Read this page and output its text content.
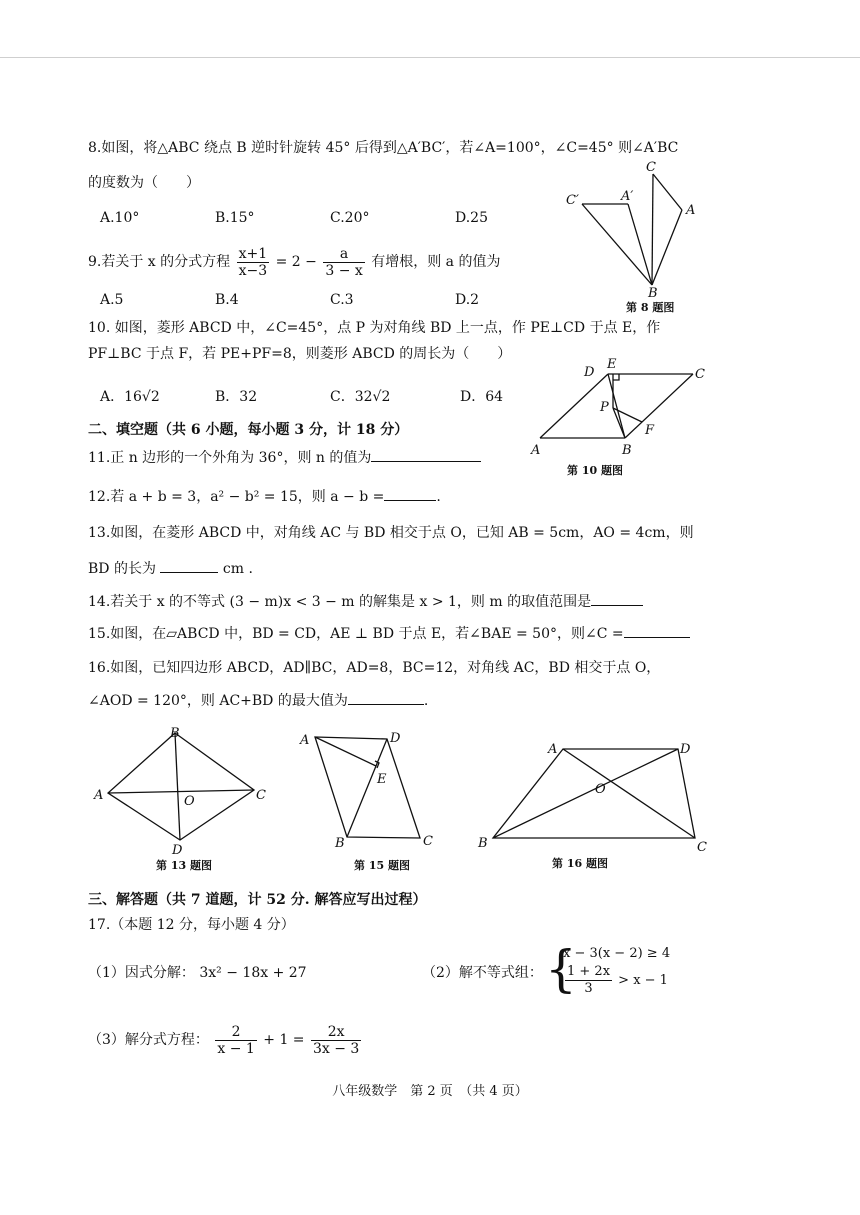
8.如图，将△ABC 绕点 B 逆时针旋转 45° 后得到△A′BC′，若∠A=100°，∠C=45° 则∠A′BC
的度数为（　　）
A.10°	B.15°	C.20°	D.25
C
C′	A′
A
B
第 8 题图
9.若关于 x 的分式方程 $\frac{x+1}{x-3} = 2 - \frac{a}{3 - x}$ 有增根，则 a 的值为
A.5	B.4	C.3	D.2
10. 如图，菱形 ABCD 中，∠C=45°，点 P 为对角线 BD 上一点，作 PE⊥CD 于点 E，作
PF⊥BC 于点 F，若 PE+PF=8，则菱形 ABCD 的周长为（　　）
A．16√2	B．32	C．32√2	D．64
D
E
C
P
A	B
F
第 10 题图
二、填空题（共 6 小题，每小题 3 分，计 18 分）
11.正 n 边形的一个外角为 36°，则 n 的值为
12.若 a + b = 3，a² − b² = 15，则 a − b =	.
13.如图，在菱形 ABCD 中，对角线 AC 与 BD 相交于点 O，已知 AB = 5cm，AO = 4cm，则
BD 的长为	cm .
14.若关于 x 的不等式 (3 − m)x < 3 − m 的解集是 x > 1，则 m 的取值范围是
15.如图，在▱ABCD 中，BD = CD，AE ⊥ BD 于点 E，若∠BAE = 50°，则∠C =
16.如图，已知四边形 ABCD，AD∥BC，AD=8，BC=12，对角线 AC，BD 相交于点 O，
∠AOD = 120°，则 AC+BD 的最大值为	.
B
A	O	C
D
第 13 题图
A	D
E
B	C
第 15 题图
A	D
O
B	C
第 16 题图
三、解答题（共 7 道题，计 52 分. 解答应写出过程）
17.（本题 12 分，每小题 4 分）
（1）因式分解： 3x² − 18x + 27	（2）解不等式组： {
x − 3(x − 2) ≥ 4
$\frac{1 + 2x}{3} > x - 1$
（3）解分式方程： $\frac{2}{x - 1} + 1 = \frac{2x}{3x - 3}$
八年级数学　第 2 页　（共 4 页）
